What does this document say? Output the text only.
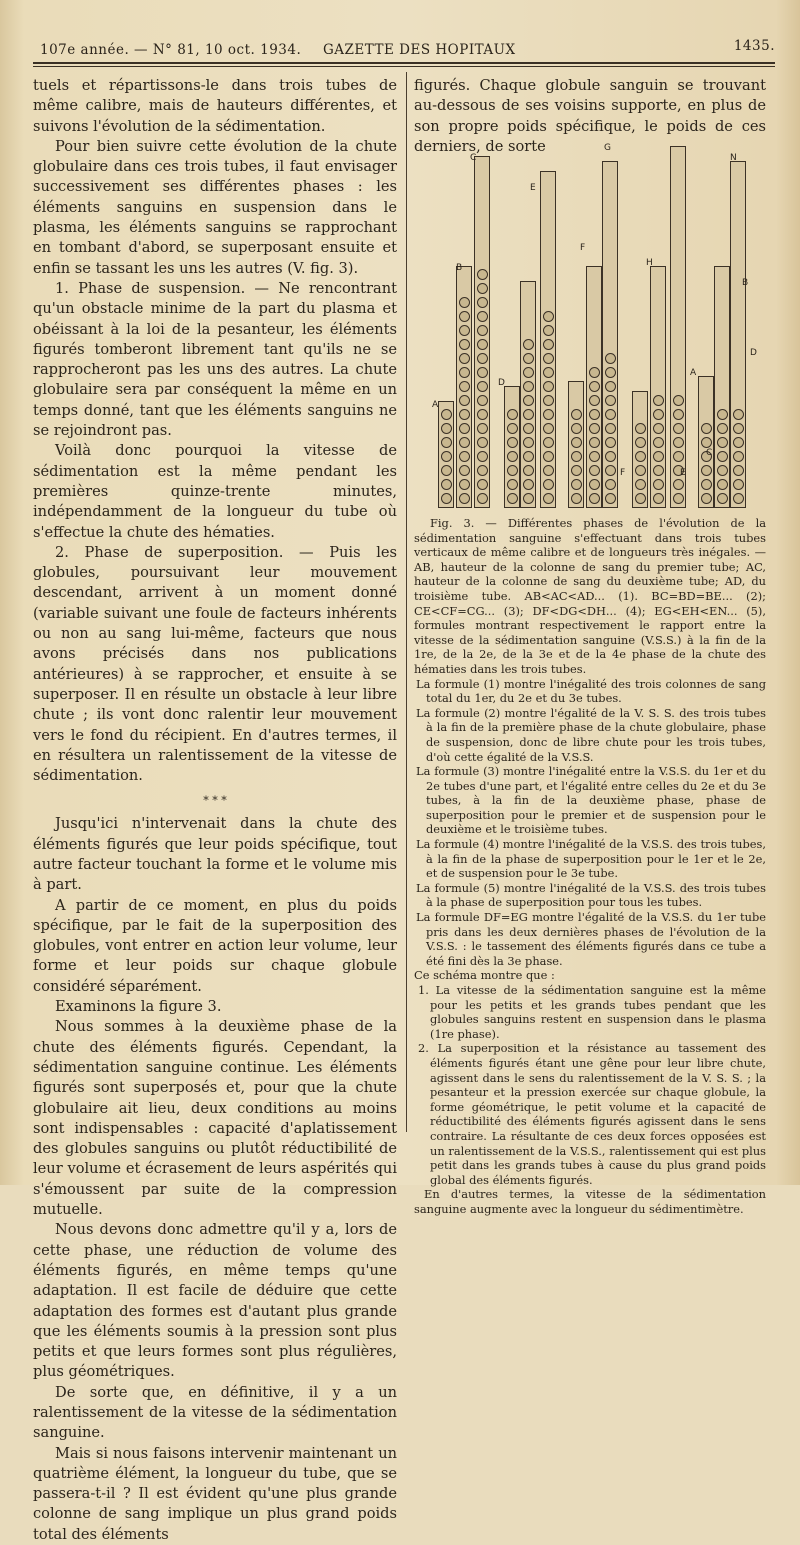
107e année. — N° 81, 10 oct. 1934. GAZETTE DES HOPITAUX	1435.

tuels et répartissons-le dans trois tubes de même calibre, mais de hauteurs différentes, et suivons l'évolution de la sédimentation.

Pour bien suivre cette évolution de la chute globulaire dans ces trois tubes, il faut envisager successivement ses différentes phases : les éléments sanguins en suspension dans le plasma, les éléments sanguins se rapprochant en tombant d'abord, se superposant ensuite et enfin se tassant les uns les autres (V. fig. 3).

1. Phase de suspension. — Ne rencontrant qu'un obstacle minime de la part du plasma et obéissant à la loi de la pesanteur, les éléments figurés tomberont librement tant qu'ils ne se rapprocheront pas les uns des autres. La chute globulaire sera par conséquent la même en un temps donné, tant que les éléments sanguins ne se rejoindront pas.

Voilà donc pourquoi la vitesse de sédimentation est la même pendant les premières quinze-trente minutes, indépendamment de la longueur du tube où s'effectue la chute des hématies.

2. Phase de superposition. — Puis les globules, poursuivant leur mouvement descendant, arrivent à un moment donné (variable suivant une foule de facteurs inhérents ou non au sang lui-même, facteurs que nous avons précisés dans nos publications antérieures) à se rapprocher, et ensuite à se superposer. Il en résulte un obstacle à leur libre chute ; ils vont donc ralentir leur mouvement vers le fond du récipient. En d'autres termes, il en résultera un ralentissement de la vitesse de sédimentation.

* * *

Jusqu'ici n'intervenait dans la chute des éléments figurés que leur poids spécifique, tout autre facteur touchant la forme et le volume mis à part.

A partir de ce moment, en plus du poids spécifique, par le fait de la superposition des globules, vont entrer en action leur volume, leur forme et leur poids sur chaque globule considéré séparément.

Examinons la figure 3.

Nous sommes à la deuxième phase de la chute des éléments figurés. Cependant, la sédimentation sanguine continue. Les éléments figurés sont superposés et, pour que la chute globulaire ait lieu, deux conditions au moins sont indispensables : capacité d'aplatissement des globules sanguins ou plutôt réductibilité de leur volume et écrasement de leurs aspérités qui s'émoussent par suite de la compression mutuelle.

Nous devons donc admettre qu'il y a, lors de cette phase, une réduction de volume des éléments figurés, en même temps qu'une adaptation. Il est facile de déduire que cette adaptation des formes est d'autant plus grande que les éléments soumis à la pression sont plus petits et que leurs formes sont plus régulières, plus géométriques.

De sorte que, en définitive, il y a un ralentissement de la vitesse de la sédimentation sanguine.

Mais si nous faisons intervenir maintenant un quatrième élément, la longueur du tube, que se passera-t-il ? Il est évident qu'une plus grande colonne de sang implique un plus grand poids total des éléments

figurés. Chaque globule sanguin se trouvant au-dessous de ses voisins supporte, en plus de son propre poids spécifique, le poids de ces derniers, de sorte

A
B
C
D
E
F
G
H
N
A
B
C
D
E
F

Fig. 3. — Différentes phases de l'évolution de la sédimentation sanguine s'effectuant dans trois tubes verticaux de même calibre et de longueurs très inégales. — AB, hauteur de la colonne de sang du premier tube; AC, hauteur de la colonne de sang du deuxième tube; AD, du troisième tube. AB<AC<AD... (1). BC=BD=BE... (2); CE<CF=CG... (3); DF<DG<DH... (4); EG<EH<EN... (5), formules montrant respectivement le rapport entre la vitesse de la sédimentation sanguine (V.S.S.) à la fin de la 1re, de la 2e, de la 3e et de la 4e phase de la chute des hématies dans les trois tubes.

La formule (1) montre l'inégalité des trois colonnes de sang total du 1er, du 2e et du 3e tubes.

La formule (2) montre l'égalité de la V. S. S. des trois tubes à la fin de la première phase de la chute globulaire, phase de suspension, donc de libre chute pour les trois tubes, d'où cette égalité de la V.S.S.

La formule (3) montre l'inégalité entre la V.S.S. du 1er et du 2e tubes d'une part, et l'égalité entre celles du 2e et du 3e tubes, à la fin de la deuxième phase, phase de superposition pour le premier et de suspension pour le deuxième et le troisième tubes.

La formule (4) montre l'inégalité de la V.S.S. des trois tubes, à la fin de la phase de superposition pour le 1er et le 2e, et de suspension pour le 3e tube.

La formule (5) montre l'inégalité de la V.S.S. des trois tubes à la phase de superposition pour tous les tubes.

La formule DF=EG montre l'égalité de la V.S.S. du 1er tube pris dans les deux dernières phases de l'évolution de la V.S.S. : le tassement des éléments figurés dans ce tube a été fini dès la 3e phase.

Ce schéma montre que :

1. La vitesse de la sédimentation sanguine est la même pour les petits et les grands tubes pendant que les globules sanguins restent en suspension dans le plasma (1re phase).

2. La superposition et la résistance au tassement des éléments figurés étant une gêne pour leur libre chute, agissent dans le sens du ralentissement de la V. S. S. ; la pesanteur et la pression exercée sur chaque globule, la forme géométrique, le petit volume et la capacité de réductibilité des éléments figurés agissent dans le sens contraire. La résultante de ces deux forces opposées est un ralentissement de la V.S.S., ralentissement qui est plus petit dans les grands tubes à cause du plus grand poids global des éléments figurés.

En d'autres termes, la vitesse de la sédimentation sanguine augmente avec la longueur du sédimentimètre.
